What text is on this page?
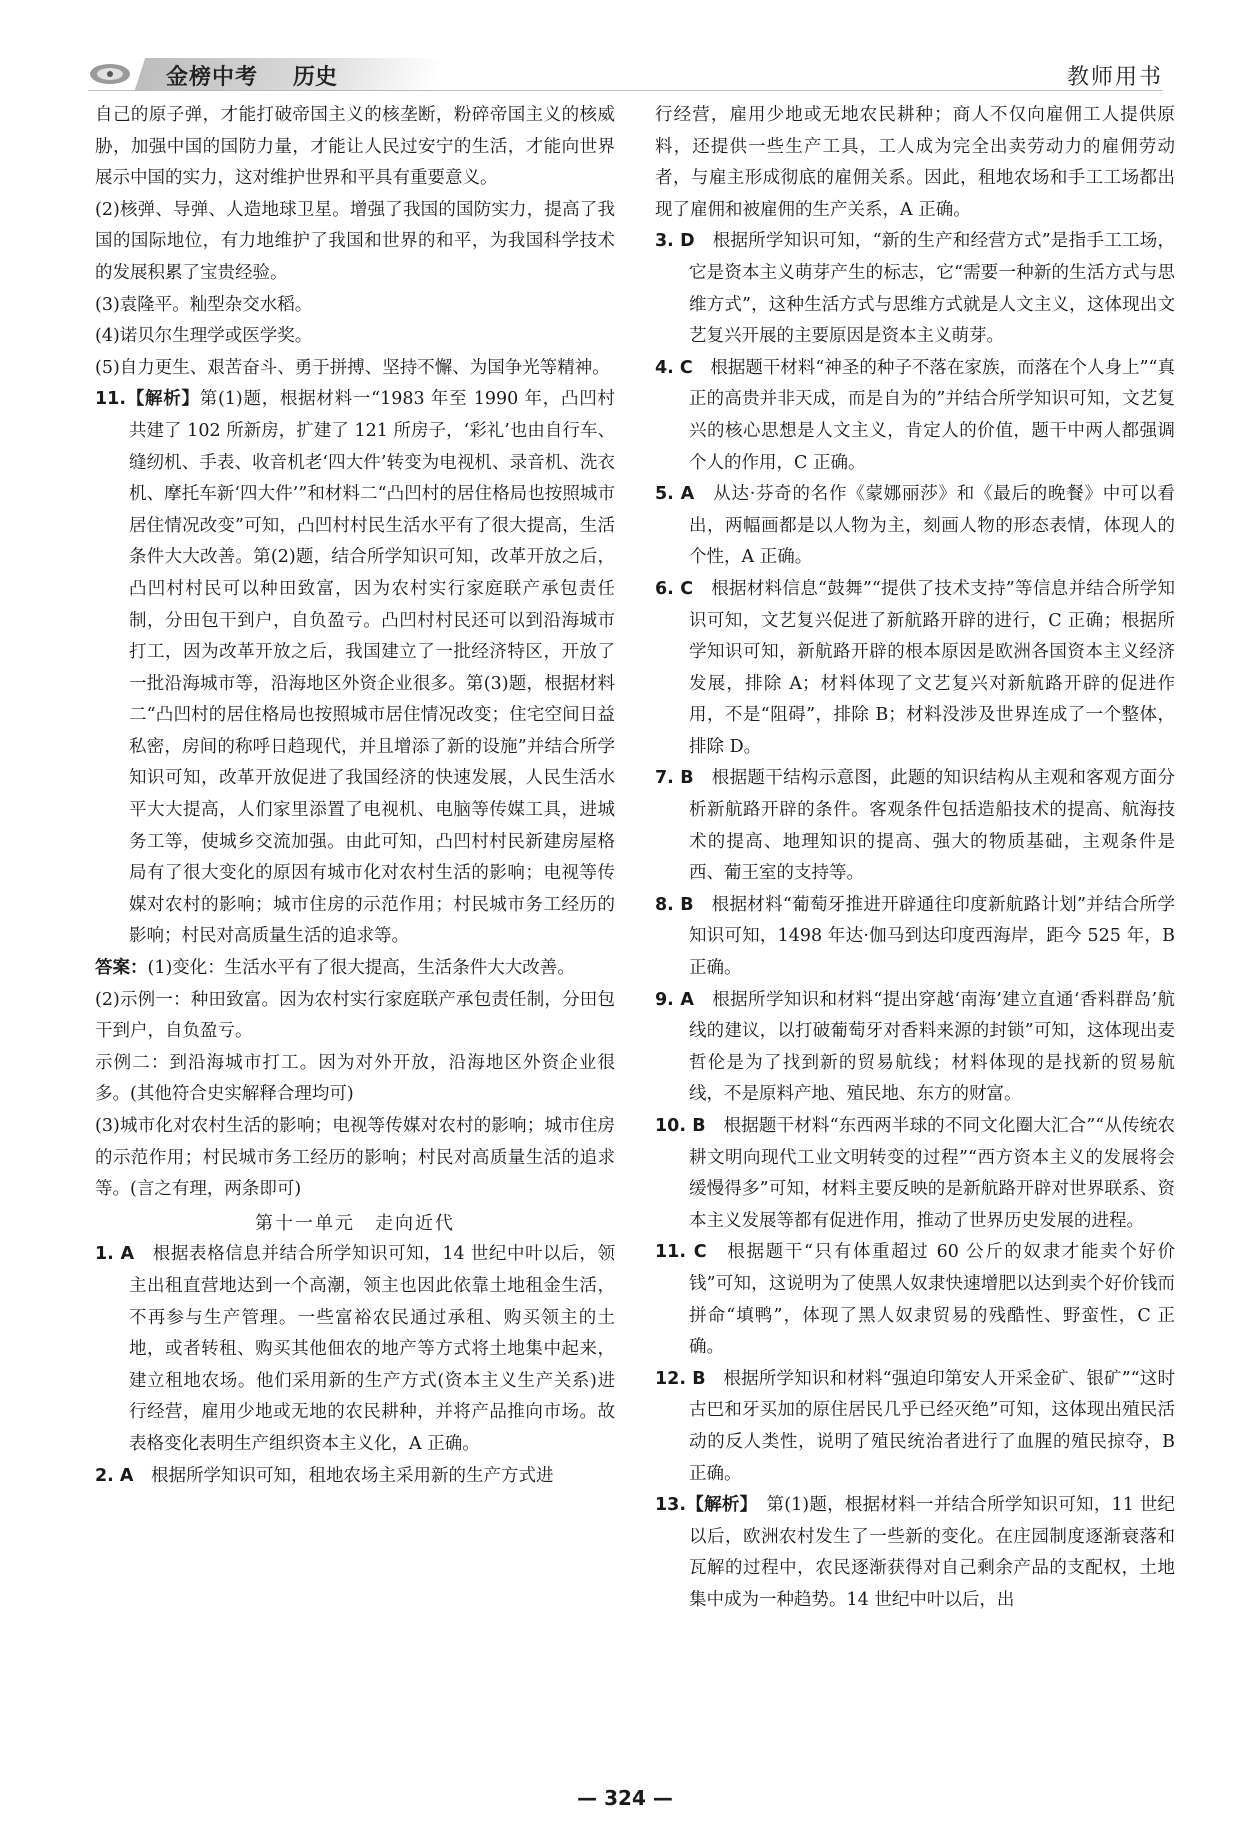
金榜中考 历史	教师用书

自己的原子弹，才能打破帝国主义的核垄断，粉碎帝国主义的核威胁，加强中国的国防力量，才能让人民过安宁的生活，才能向世界展示中国的实力，这对维护世界和平具有重要意义。

(2)核弹、导弹、人造地球卫星。增强了我国的国防实力，提高了我国的国际地位，有力地维护了我国和世界的和平，为我国科学技术的发展积累了宝贵经验。

(3)袁隆平。籼型杂交水稻。

(4)诺贝尔生理学或医学奖。

(5)自力更生、艰苦奋斗、勇于拼搏、坚持不懈、为国争光等精神。

11.【解析】第(1)题，根据材料一“1983 年至 1990 年，凸凹村共建了 102 所新房，扩建了 121 所房子，‘彩礼’也由自行车、缝纫机、手表、收音机老‘四大件’转变为电视机、录音机、洗衣机、摩托车新‘四大件’”和材料二“凸凹村的居住格局也按照城市居住情况改变”可知，凸凹村村民生活水平有了很大提高，生活条件大大改善。第(2)题，结合所学知识可知，改革开放之后，凸凹村村民可以种田致富，因为农村实行家庭联产承包责任制，分田包干到户，自负盈亏。凸凹村村民还可以到沿海城市打工，因为改革开放之后，我国建立了一批经济特区，开放了一批沿海城市等，沿海地区外资企业很多。第(3)题，根据材料二“凸凹村的居住格局也按照城市居住情况改变；住宅空间日益私密，房间的称呼日趋现代，并且增添了新的设施”并结合所学知识可知，改革开放促进了我国经济的快速发展，人民生活水平大大提高，人们家里添置了电视机、电脑等传媒工具，进城务工等，使城乡交流加强。由此可知，凸凹村村民新建房屋格局有了很大变化的原因有城市化对农村生活的影响；电视等传媒对农村的影响；城市住房的示范作用；村民城市务工经历的影响；村民对高质量生活的追求等。

答案：(1)变化：生活水平有了很大提高，生活条件大大改善。

(2)示例一：种田致富。因为农村实行家庭联产承包责任制，分田包干到户，自负盈亏。

示例二：到沿海城市打工。因为对外开放，沿海地区外资企业很多。(其他符合史实解释合理均可)

(3)城市化对农村生活的影响；电视等传媒对农村的影响；城市住房的示范作用；村民城市务工经历的影响；村民对高质量生活的追求等。(言之有理，两条即可)

第十一单元　走向近代

1. A　 根据表格信息并结合所学知识可知，14 世纪中叶以后，领主出租直营地达到一个高潮，领主也因此依靠土地租金生活，不再参与生产管理。一些富裕农民通过承租、购买领主的土地，或者转租、购买其他佃农的地产等方式将土地集中起来，建立租地农场。他们采用新的生产方式(资本主义生产关系)进行经营，雇用少地或无地的农民耕种，并将产品推向市场。故表格变化表明生产组织资本主义化，A 正确。

2. A　 根据所学知识可知，租地农场主采用新的生产方式进

行经营，雇用少地或无地农民耕种；商人不仅向雇佣工人提供原料，还提供一些生产工具，工人成为完全出卖劳动力的雇佣劳动者，与雇主形成彻底的雇佣关系。因此，租地农场和手工工场都出现了雇佣和被雇佣的生产关系，A 正确。

3. D　 根据所学知识可知，“新的生产和经营方式”是指手工工场，它是资本主义萌芽产生的标志，它“需要一种新的生活方式与思维方式”，这种生活方式与思维方式就是人文主义，这体现出文艺复兴开展的主要原因是资本主义萌芽。

4. C　 根据题干材料“神圣的种子不落在家族，而落在个人身上”“真正的高贵并非天成，而是自为的”并结合所学知识可知，文艺复兴的核心思想是人文主义，肯定人的价值，题干中两人都强调个人的作用，C 正确。

5. A　 从达·芬奇的名作《蒙娜丽莎》和《最后的晚餐》中可以看出，两幅画都是以人物为主，刻画人物的形态表情，体现人的个性，A 正确。

6. C　 根据材料信息“鼓舞”“提供了技术支持”等信息并结合所学知识可知，文艺复兴促进了新航路开辟的进行，C 正确；根据所学知识可知，新航路开辟的根本原因是欧洲各国资本主义经济发展，排除 A；材料体现了文艺复兴对新航路开辟的促进作用，不是“阻碍”，排除 B；材料没涉及世界连成了一个整体，排除 D。

7. B　 根据题干结构示意图，此题的知识结构从主观和客观方面分析新航路开辟的条件。客观条件包括造船技术的提高、航海技术的提高、地理知识的提高、强大的物质基础，主观条件是西、葡王室的支持等。

8. B　 根据材料“葡萄牙推进开辟通往印度新航路计划”并结合所学知识可知，1498 年达·伽马到达印度西海岸，距今 525 年，B 正确。

9. A　 根据所学知识和材料“提出穿越‘南海’建立直通‘香料群岛’航线的建议，以打破葡萄牙对香料来源的封锁”可知，这体现出麦哲伦是为了找到新的贸易航线；材料体现的是找新的贸易航线，不是原料产地、殖民地、东方的财富。

10. B　 根据题干材料“东西两半球的不同文化圈大汇合”“从传统农耕文明向现代工业文明转变的过程”“西方资本主义的发展将会缓慢得多”可知，材料主要反映的是新航路开辟对世界联系、资本主义发展等都有促进作用，推动了世界历史发展的进程。

11. C　 根据题干“只有体重超过 60 公斤的奴隶才能卖个好价钱”可知，这说明为了使黑人奴隶快速增肥以达到卖个好价钱而拼命“填鸭”，体现了黑人奴隶贸易的残酷性、野蛮性，C 正确。

12. B　 根据所学知识和材料“强迫印第安人开采金矿、银矿”“这时古巴和牙买加的原住居民几乎已经灭绝”可知，这体现出殖民活动的反人类性，说明了殖民统治者进行了血腥的殖民掠夺，B 正确。

13.【解析】　 第(1)题，根据材料一并结合所学知识可知，11 世纪以后，欧洲农村发生了一些新的变化。在庄园制度逐渐衰落和瓦解的过程中，农民逐渐获得对自己剩余产品的支配权，土地集中成为一种趋势。14 世纪中叶以后，出

— 324 —
